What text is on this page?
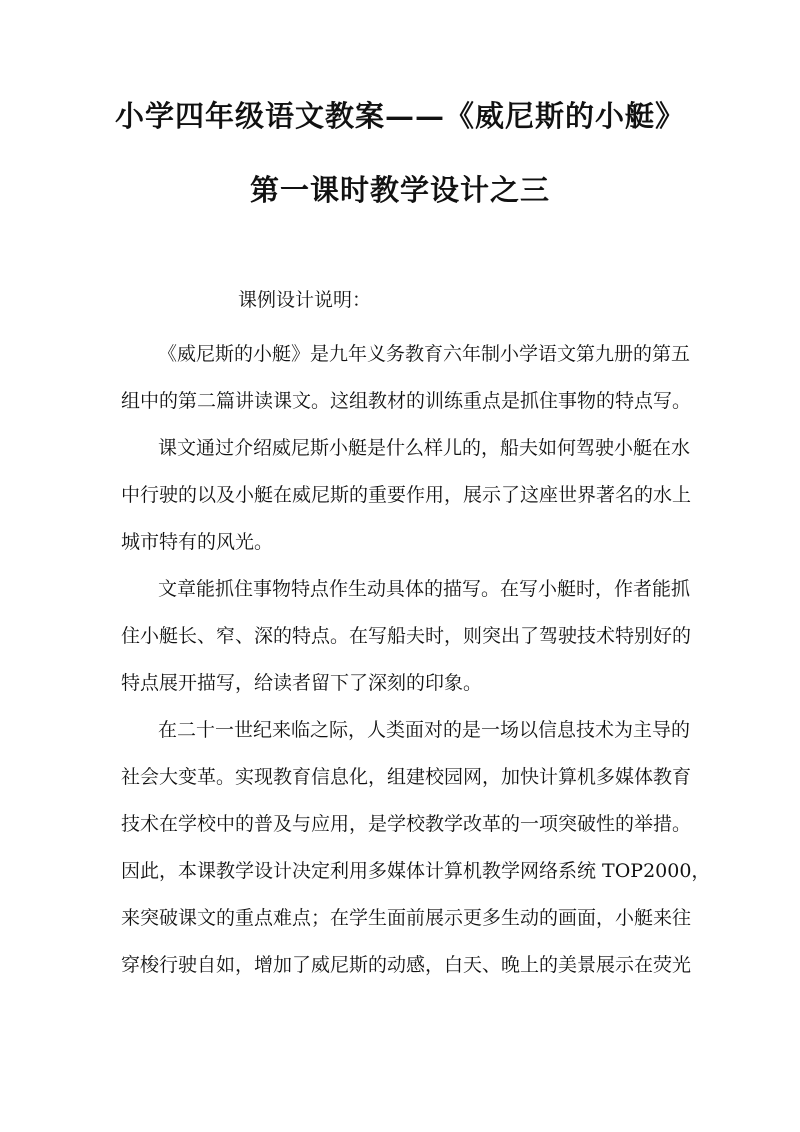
小学四年级语文教案——《威尼斯的小艇》
第一课时教学设计之三
课例设计说明：
《威尼斯的小艇》是九年义务教育六年制小学语文第九册的第五
组中的第二篇讲读课文。这组教材的训练重点是抓住事物的特点写。
课文通过介绍威尼斯小艇是什么样儿的，船夫如何驾驶小艇在水
中行驶的以及小艇在威尼斯的重要作用，展示了这座世界著名的水上
城市特有的风光。
文章能抓住事物特点作生动具体的描写。在写小艇时，作者能抓
住小艇长、窄、深的特点。在写船夫时，则突出了驾驶技术特别好的
特点展开描写，给读者留下了深刻的印象。
在二十一世纪来临之际，人类面对的是一场以信息技术为主导的
社会大变革。实现教育信息化，组建校园网，加快计算机多媒体教育
技术在学校中的普及与应用，是学校教学改革的一项突破性的举措。
因此，本课教学设计决定利用多媒体计算机教学网络系统 TOP2000，
来突破课文的重点难点；在学生面前展示更多生动的画面，小艇来往
穿梭行驶自如，增加了威尼斯的动感，白天、晚上的美景展示在荧光
